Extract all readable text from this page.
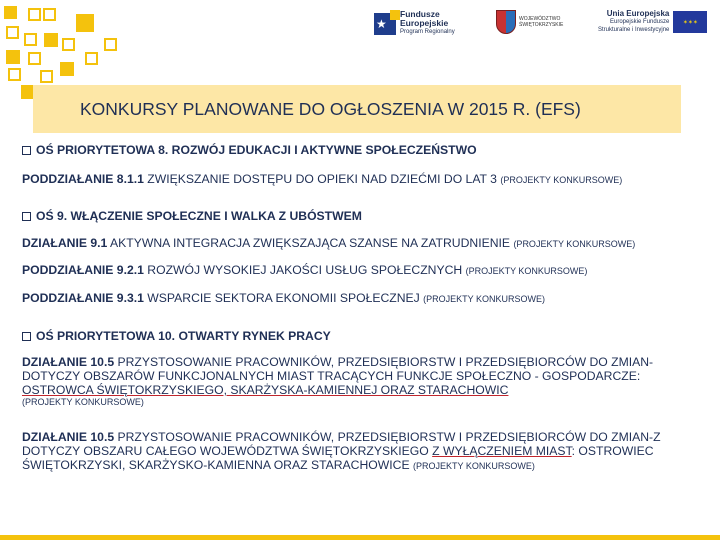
★
Fundusze
Europejskie
Program Regionalny
WOJEWÓDZTWO
ŚWIĘTOKRZYSKIE
Unia Europejska
Europejskie Fundusze
Strukturalne i Inwestycyjne
✶✶✶
KONKURSY PLANOWANE DO OGŁOSZENIA W 2015 R. (EFS)
OŚ PRIORYTETOWA 8. ROZWÓJ EDUKACJI I AKTYWNE SPOŁECZEŃSTWO
PODDZIAŁANIE 8.1.1 ZWIĘKSZANIE DOSTĘPU DO OPIEKI NAD DZIEĆMI DO LAT 3 (PROJEKTY KONKURSOWE)
OŚ 9. WŁĄCZENIE SPOŁECZNE I WALKA Z UBÓSTWEM
DZIAŁANIE 9.1 AKTYWNA INTEGRACJA ZWIĘKSZAJĄCA SZANSE NA ZATRUDNIENIE (PROJEKTY KONKURSOWE)
PODDZIAŁANIE 9.2.1 ROZWÓJ WYSOKIEJ JAKOŚCI USŁUG SPOŁECZNYCH (PROJEKTY KONKURSOWE)
PODDZIAŁANIE 9.3.1 WSPARCIE SEKTORA EKONOMII SPOŁECZNEJ (PROJEKTY KONKURSOWE)
OŚ PRIORYTETOWA 10. OTWARTY RYNEK PRACY
DZIAŁANIE 10.5 PRZYSTOSOWANIE PRACOWNIKÓW, PRZEDSIĘBIORSTW I PRZEDSIĘBIORCÓW DO ZMIAN-DOTYCZY OBSZARÓW FUNKCJONALNYCH MIAST TRACĄCYCH FUNKCJE SPOŁECZNO - GOSPODARCZE: OSTROWCA ŚWIĘTOKRZYSKIEGO, SKARŻYSKA-KAMIENNEJ ORAZ STARACHOWIC
(PROJEKTY KONKURSOWE)
DZIAŁANIE 10.5 PRZYSTOSOWANIE PRACOWNIKÓW, PRZEDSIĘBIORSTW I PRZEDSIĘBIORCÓW DO ZMIAN-Z DOTYCZY OBSZARU CAŁEGO WOJEWÓDZTWA ŚWIĘTOKRZYSKIEGO Z WYŁĄCZENIEM MIAST: OSTROWIEC ŚWIĘTOKRZYSKI, SKARŻYSKO-KAMIENNA ORAZ STARACHOWICE (PROJEKTY KONKURSOWE)
